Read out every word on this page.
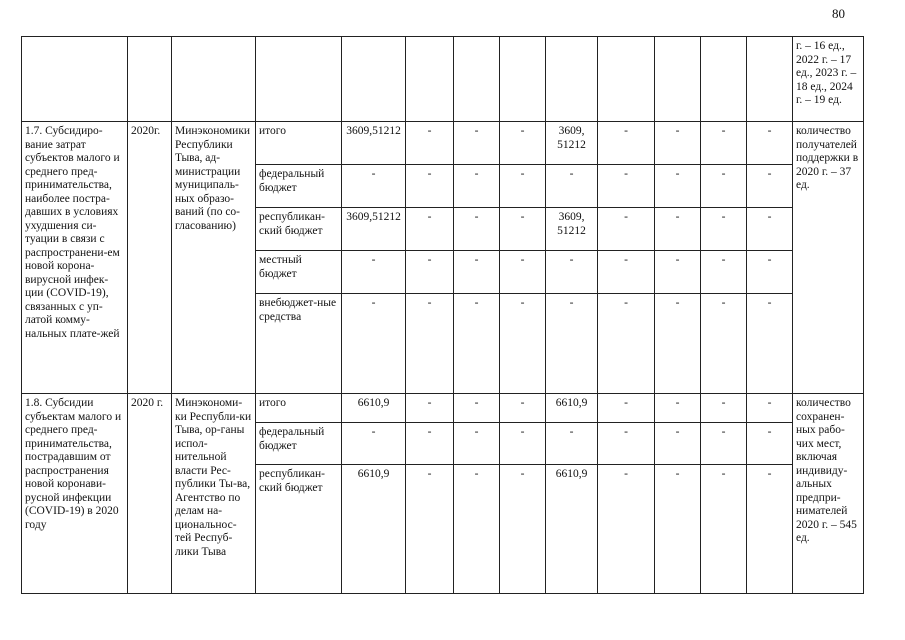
80
													г. – 16 ед., 2022 г. – 17 ед., 2023 г. – 18 ед., 2024 г. – 19 ед.
1.7. Субсидиро-вание затрат субъектов малого и среднего пред-принимательства, наиболее постра-давших в условиях ухудшения си-туации в связи с распространени-ем новой корона-вирусной инфек-ции (COVID-19), связанных с уп-латой комму-нальных плате-жей	2020г.	Минэкономики Республики Тыва, ад-министрации муниципаль-ных образо-ваний (по со-гласованию)	итого	3609,51212	-	-	-	3609,
51212	-	-	-	-	количество получателей поддержки в 2020 г. – 37 ед.
			федеральный бюджет	-	-	-	-	-	-	-	-	-	
			республикан-ский бюджет	3609,51212	-	-	-	3609,
51212	-	-	-	-	
			местный бюджет	-	-	-	-	-	-	-	-	-	
			внебюджет-ные средства	-	-	-	-	-	-	-	-	-	
1.8. Субсидии субъектам малого и среднего пред-принимательства, пострадавшим от распространения новой коронави-русной инфекции (COVID-19) в 2020 году	2020 г.	Минэкономи-ки Республи-ки Тыва, ор-ганы испол-нительной власти Рес-публики Ты-ва, Агентство по делам на-циональнос-тей Респуб-лики Тыва	итого	6610,9	-	-	-	6610,9	-	-	-	-	количество сохранен-ных рабо-чих мест, включая индивиду-альных предпри-нимателей 2020 г. – 545 ед.
			федеральный бюджет	-	-	-	-	-	-	-	-	-	
			республикан-ский бюджет	6610,9	-	-	-	6610,9	-	-	-	-	
